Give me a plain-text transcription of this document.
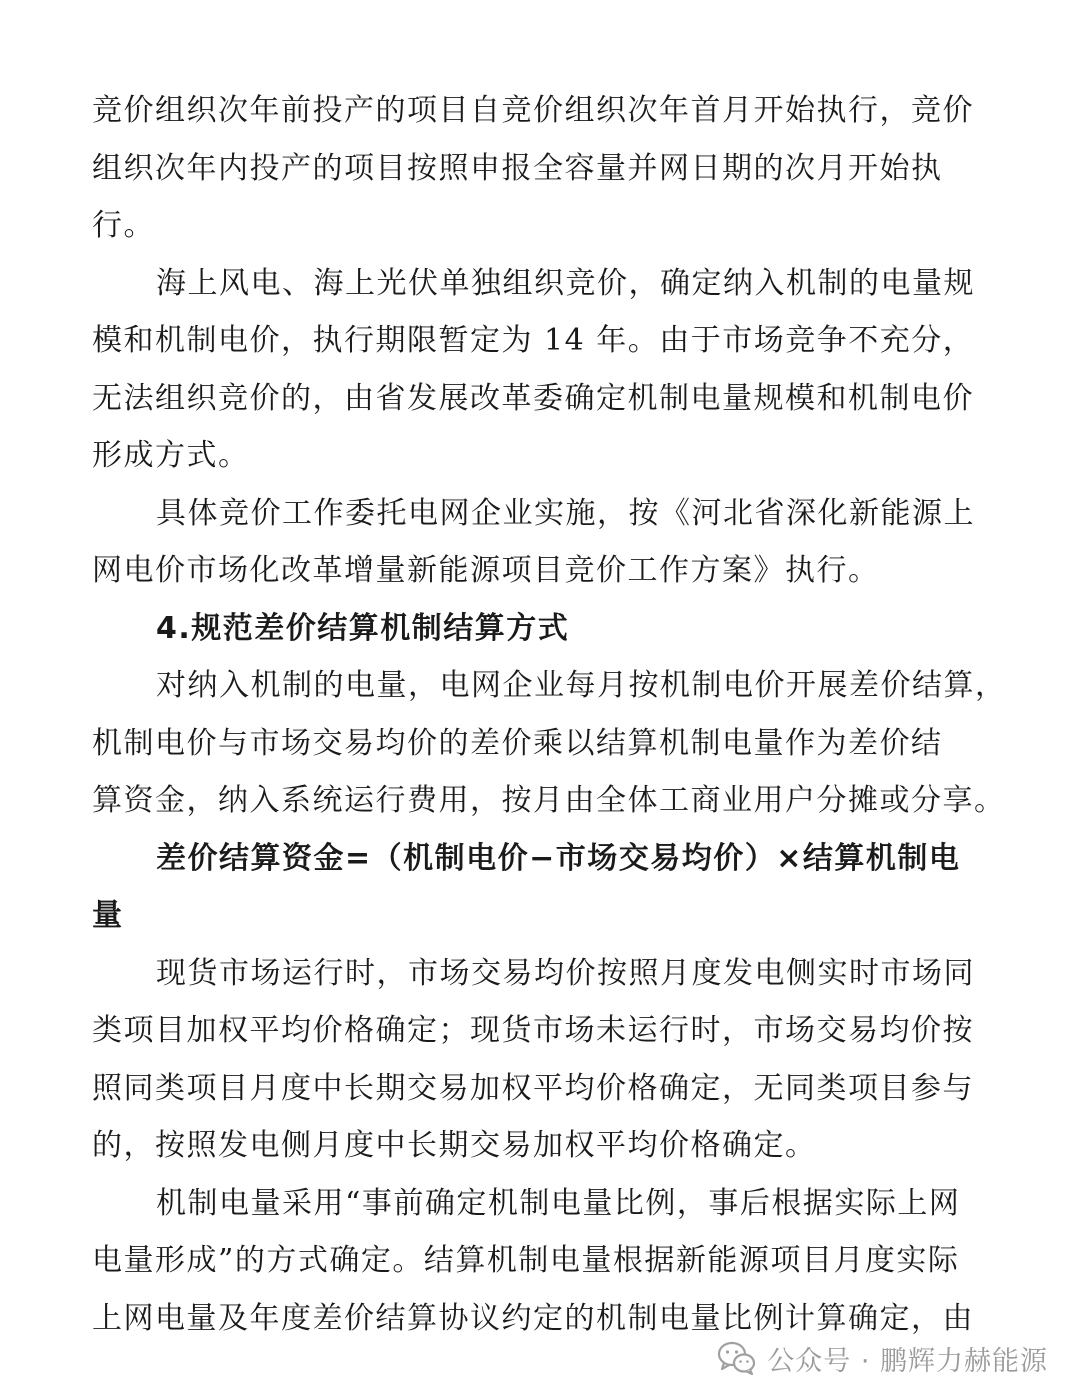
竞价组织次年前投产的项目自竞价组织次年首月开始执行，竞价
组织次年内投产的项目按照申报全容量并网日期的次月开始执
行。
海上风电、海上光伏单独组织竞价，确定纳入机制的电量规
模和机制电价，执行期限暂定为 14 年。由于市场竞争不充分，
无法组织竞价的，由省发展改革委确定机制电量规模和机制电价
形成方式。
具体竞价工作委托电网企业实施，按《河北省深化新能源上
网电价市场化改革增量新能源项目竞价工作方案》执行。
4.规范差价结算机制结算方式
对纳入机制的电量，电网企业每月按机制电价开展差价结算，
机制电价与市场交易均价的差价乘以结算机制电量作为差价结
算资金，纳入系统运行费用，按月由全体工商业用户分摊或分享。
差价结算资金=（机制电价−市场交易均价）×结算机制电
量
现货市场运行时，市场交易均价按照月度发电侧实时市场同
类项目加权平均价格确定；现货市场未运行时，市场交易均价按
照同类项目月度中长期交易加权平均价格确定，无同类项目参与
的，按照发电侧月度中长期交易加权平均价格确定。
机制电量采用“事前确定机制电量比例，事后根据实际上网
电量形成”的方式确定。结算机制电量根据新能源项目月度实际
上网电量及年度差价结算协议约定的机制电量比例计算确定，由
公众号 · 鹏辉力赫能源
